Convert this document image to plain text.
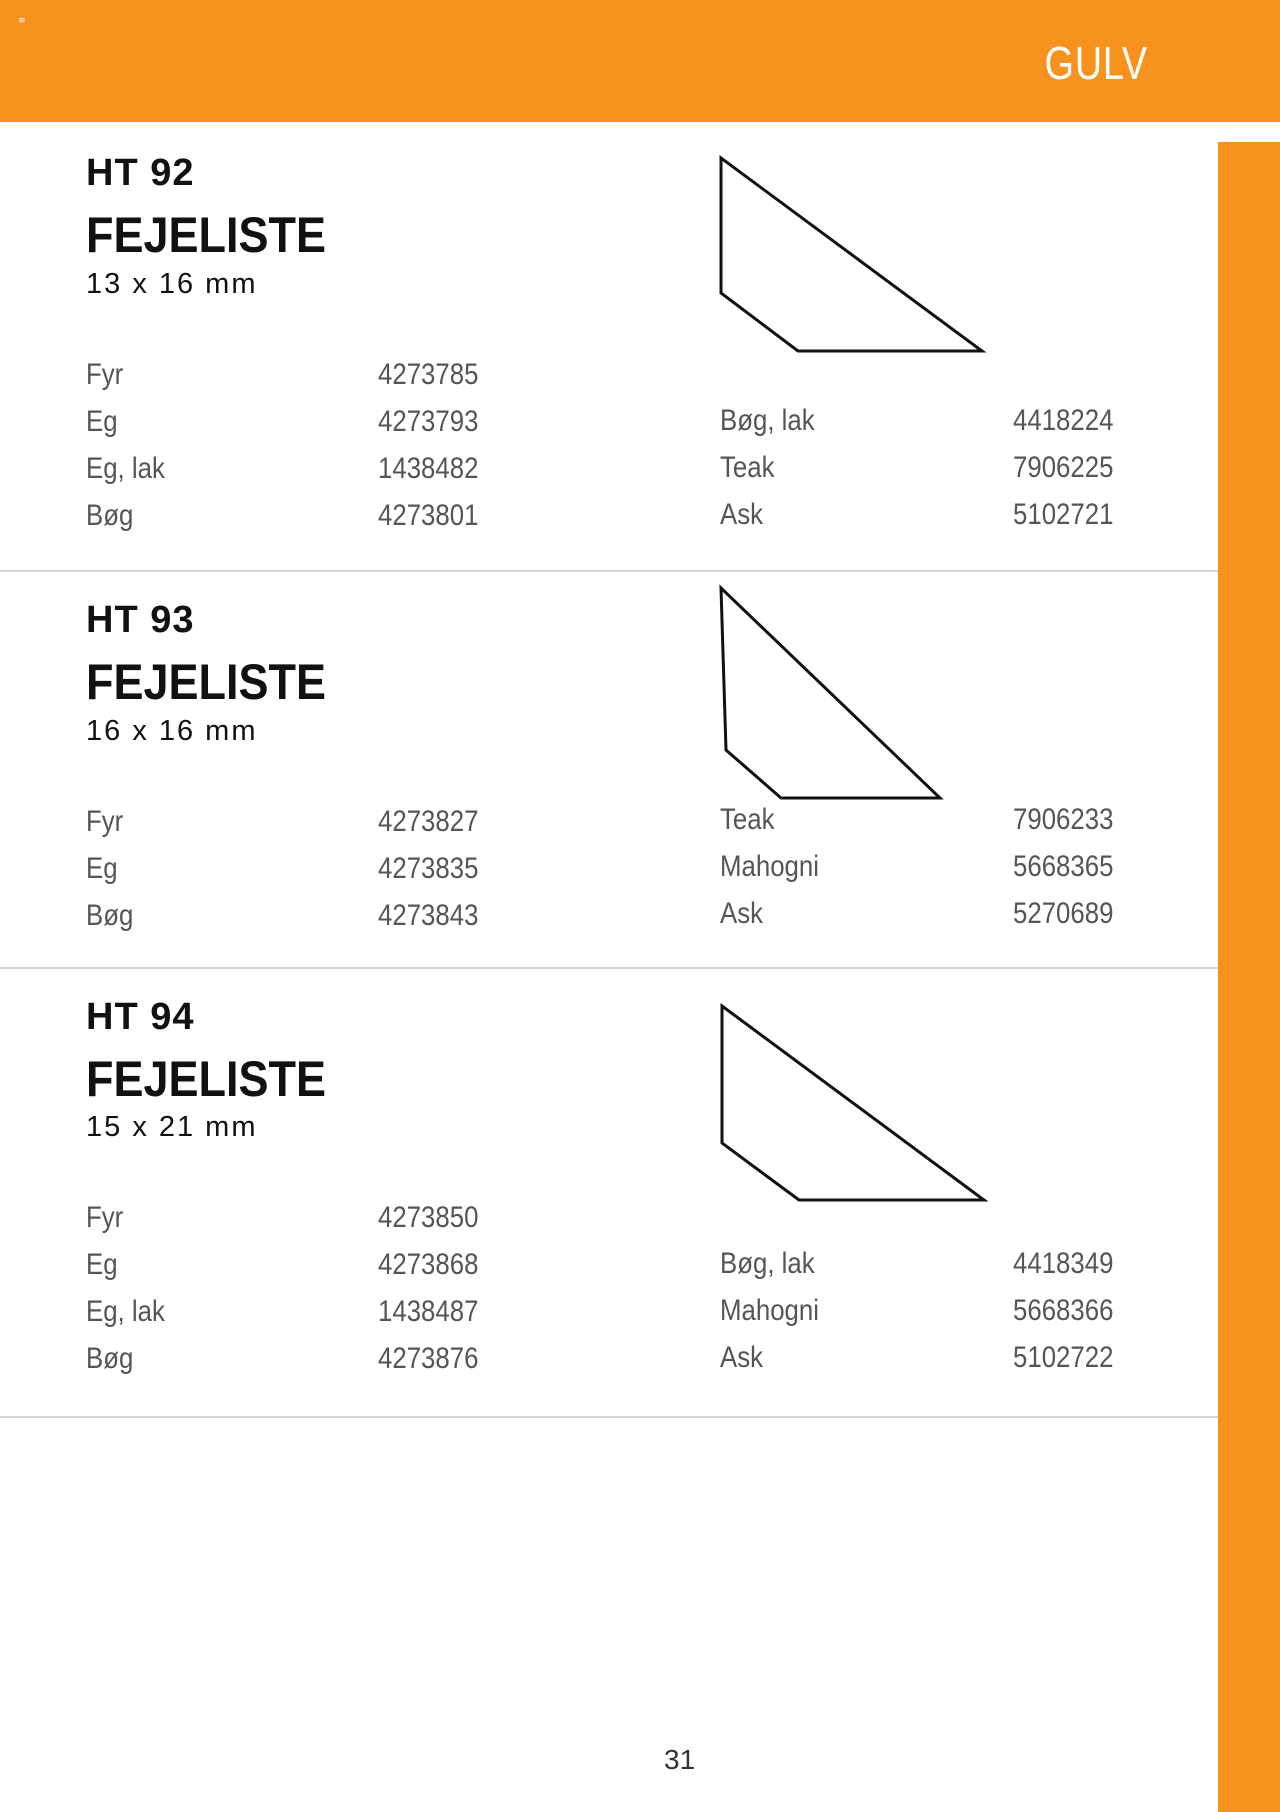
≡
GULV
HT 92
FEJELISTE
13 x 16 mm
Fyr	4273785
Eg	4273793
Eg, lak	1438482
Bøg	4273801
Bøg, lak	4418224
Teak	7906225
Ask	5102721
HT 93
FEJELISTE
16 x 16 mm
Fyr	4273827
Eg	4273835
Bøg	4273843
Teak	7906233
Mahogni	5668365
Ask	5270689
HT 94
FEJELISTE
15 x 21 mm
Fyr	4273850
Eg	4273868
Eg, lak	1438487
Bøg	4273876
Bøg, lak	4418349
Mahogni	5668366
Ask	5102722
31
